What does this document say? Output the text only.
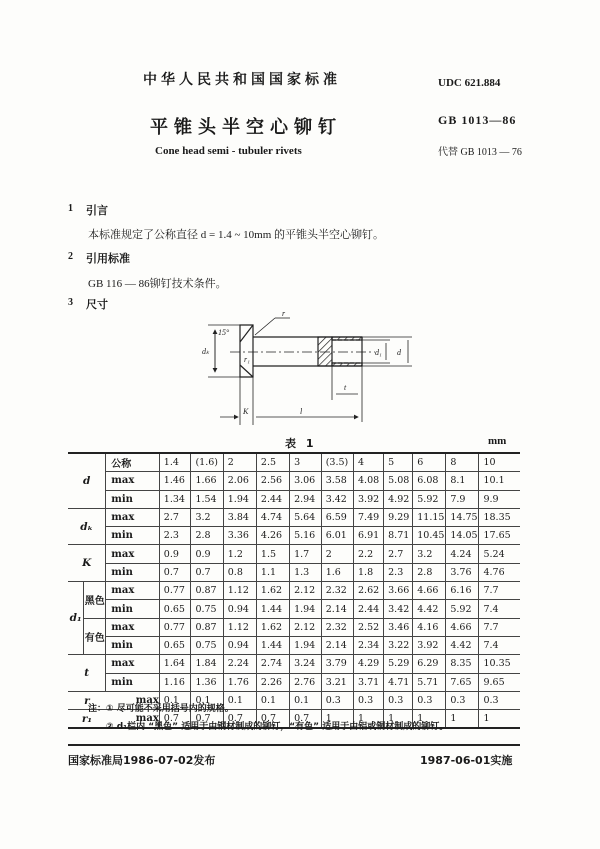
中华人民共和国国家标准	UDC 621.884
平锥头半空心铆钉	GB 1013—86
Cone head semi - tubuler rivets	代替 GB 1013 — 76
1 引言
本标准规定了公称直径 d = 1.4 ~ 10mm 的平锥头半空心铆钉。
2 引用标准
GB 116 — 86铆钉技术条件。
3 尺寸
15°
r
r₁
dₖ	d₁ d
t
K	l
表 1	mm
d		公称	1.4	(1.6)	2	2.5	3	(3.5)	4	5	6	8	10
		max	1.46	1.66	2.06	2.56	3.06	3.58	4.08	5.08	6.08	8.1	10.1
		min	1.34	1.54	1.94	2.44	2.94	3.42	3.92	4.92	5.92	7.9	9.9
dₖ		max	2.7	3.2	3.84	4.74	5.64	6.59	7.49	9.29	11.15	14.75	18.35
		min	2.3	2.8	3.36	4.26	5.16	6.01	6.91	8.71	10.45	14.05	17.65
K		max	0.9	0.9	1.2	1.5	1.7	2	2.2	2.7	3.2	4.24	5.24
		min	0.7	0.7	0.8	1.1	1.3	1.6	1.8	2.3	2.8	3.76	4.76
d₁	黑色	max	0.77	0.87	1.12	1.62	2.12	2.32	2.62	3.66	4.66	6.16	7.7
		min	0.65	0.75	0.94	1.44	1.94	2.14	2.44	3.42	4.42	5.92	7.4
	有色	max	0.77	0.87	1.12	1.62	2.12	2.32	2.52	3.46	4.16	4.66	7.7
		min	0.65	0.75	0.94	1.44	1.94	2.14	2.34	3.22	3.92	4.42	7.4
t		max	1.64	1.84	2.24	2.74	3.24	3.79	4.29	5.29	6.29	8.35	10.35
		min	1.16	1.36	1.76	2.26	2.76	3.21	3.71	4.71	5.71	7.65	9.65
r		max	0.1	0.1	0.1	0.1	0.1	0.3	0.3	0.3	0.3	0.3	0.3
r₁		max	0.7	0.7	0.7	0.7	0.7	1	1	1	1	1	1
注：① 尽可能不采用括号内的规格。
② d₁栏内 “黑色” 适用于由钢材制成的铆钉，“有色” 适用于由铝或铜材制成的铆钉。
国家标准局1986-07-02发布	1987-06-01实施
